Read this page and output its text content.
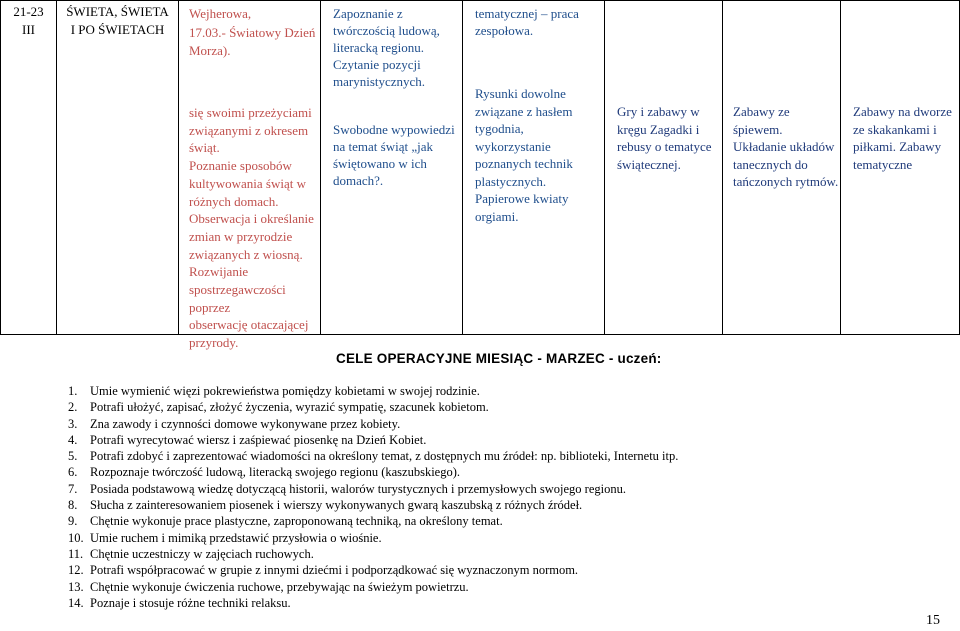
21-23
III

ŚWIETA, ŚWIETA
I PO ŚWIETACH

Wejherowa,
17.03.- Światowy Dzień
Morza).
się swoimi przeżyciami
związanymi z okresem
świąt.
Poznanie sposobów
kultywowania świąt w
różnych domach.
Obserwacja i określanie
zmian w przyrodzie
związanych z wiosną.
Rozwijanie
spostrzegawczości poprzez
obserwację otaczającej
przyrody.

Zapoznanie z
twórczością ludową,
literacką regionu.
Czytanie pozycji
marynistycznych.
Swobodne wypowiedzi
na temat świąt „jak
świętowano w ich
domach?.

tematycznej – praca
zespołowa.
Rysunki dowolne
związane z hasłem
tygodnia,
wykorzystanie
poznanych technik
plastycznych.
Papierowe kwiaty
orgiami.

Gry i zabawy w
kręgu Zagadki i
rebusy o tematyce
świątecznej.

Zabawy ze śpiewem.
Układanie układów
tanecznych do
tańczonych rytmów.

Zabawy na dworze
ze skakankami i
piłkami. Zabawy
tematyczne
CELE OPERACYJNE MIESIĄC - MARZEC - uczeń:
1. Umie wymienić więzi pokrewieństwa pomiędzy kobietami w swojej rodzinie.
2. Potrafi ułożyć, zapisać, złożyć życzenia, wyrazić sympatię, szacunek kobietom.
3. Zna zawody i czynności domowe wykonywane przez kobiety.
4. Potrafi wyrecytować wiersz i zaśpiewać piosenkę na Dzień Kobiet.
5. Potrafi zdobyć i zaprezentować wiadomości na określony temat, z dostępnych mu źródeł: np. biblioteki, Internetu itp.
6. Rozpoznaje twórczość ludową, literacką swojego regionu (kaszubskiego).
7. Posiada podstawową wiedzę dotyczącą historii, walorów turystycznych i przemysłowych swojego regionu.
8. Słucha z zainteresowaniem piosenek i wierszy wykonywanych gwarą kaszubską z różnych źródeł.
9. Chętnie wykonuje prace plastyczne, zaproponowaną techniką, na określony temat.
10. Umie ruchem i mimiką przedstawić przysłowia o wiośnie.
11. Chętnie uczestniczy w zajęciach ruchowych.
12. Potrafi współpracować w grupie z innymi dziećmi i podporządkować się wyznaczonym normom.
13. Chętnie wykonuje ćwiczenia ruchowe, przebywając na świeżym powietrzu.
14. Poznaje i stosuje różne techniki relaksu.
15
